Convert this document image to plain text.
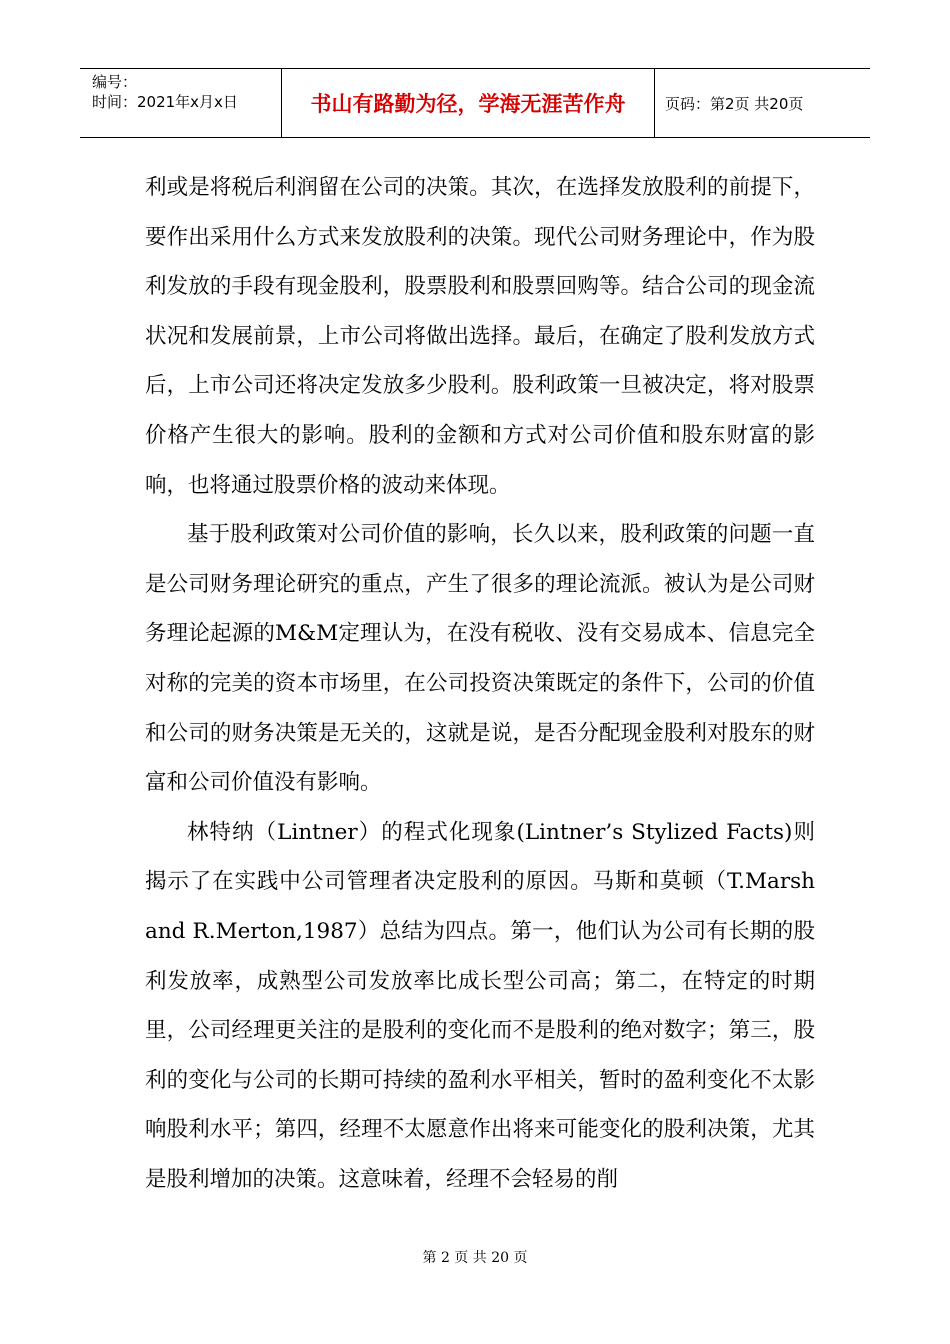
编号：
时间：2021年x月x日	书山有路勤为径，学海无涯苦作舟	页码：第2页 共20页

利或是将税后利润留在公司的决策。其次，在选择发放股利的前提下，要作出采用什么方式来发放股利的决策。现代公司财务理论中，作为股利发放的手段有现金股利，股票股利和股票回购等。结合公司的现金流状况和发展前景，上市公司将做出选择。最后，在确定了股利发放方式后，上市公司还将决定发放多少股利。股利政策一旦被决定，将对股票价格产生很大的影响。股利的金额和方式对公司价值和股东财富的影响，也将通过股票价格的波动来体现。

基于股利政策对公司价值的影响，长久以来，股利政策的问题一直是公司财务理论研究的重点，产生了很多的理论流派。被认为是公司财务理论起源的M&M定理认为，在没有税收、没有交易成本、信息完全对称的完美的资本市场里，在公司投资决策既定的条件下，公司的价值和公司的财务决策是无关的，这就是说，是否分配现金股利对股东的财富和公司价值没有影响。

林特纳（Lintner）的程式化现象(Lintner’s Stylized Facts)则揭示了在实践中公司管理者决定股利的原因。马斯和莫顿（T.Marsh and R.Merton,1987）总结为四点。第一，他们认为公司有长期的股利发放率，成熟型公司发放率比成长型公司高；第二，在特定的时期里，公司经理更关注的是股利的变化而不是股利的绝对数字；第三，股利的变化与公司的长期可持续的盈利水平相关，暂时的盈利变化不太影响股利水平；第四，经理不太愿意作出将来可能变化的股利决策，尤其是股利增加的决策。这意味着，经理不会轻易的削

第 2 页 共 20 页
